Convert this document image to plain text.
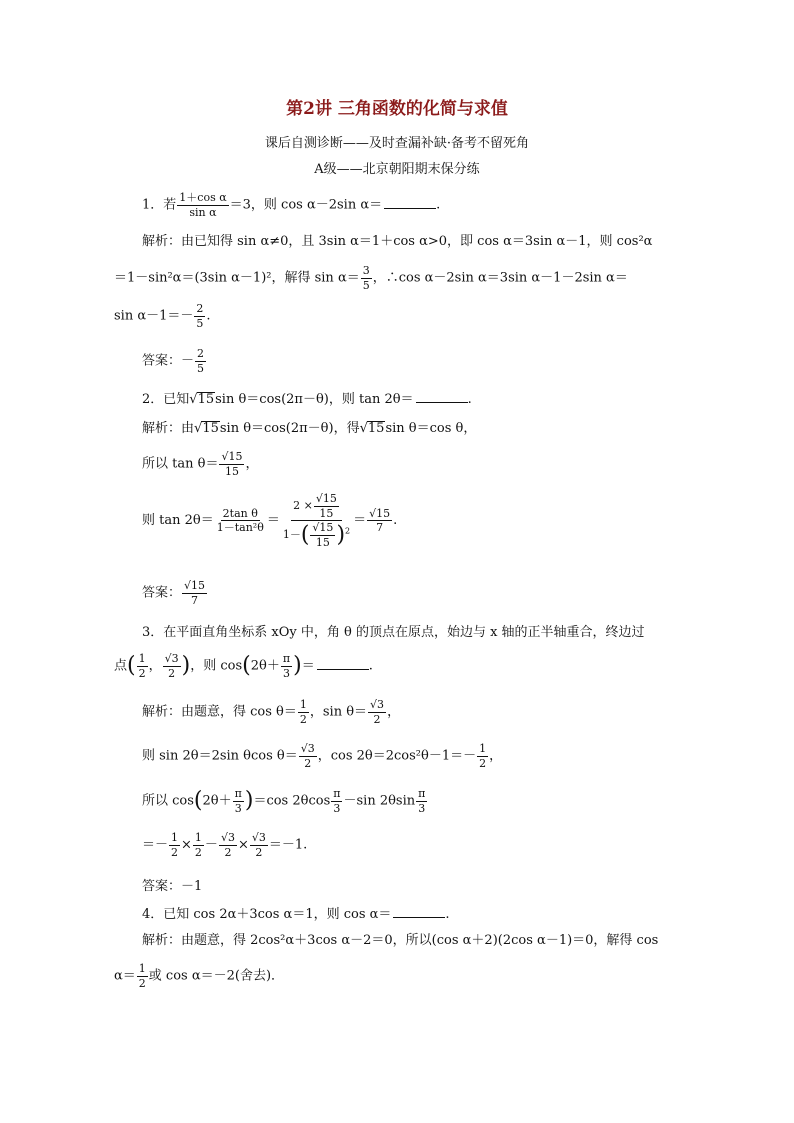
第2讲 三角函数的化简与求值
课后自测诊断——及时查漏补缺·备考不留死角
A级——北京朝阳期末保分练
1．若 $\frac{\text{1＋cos α}}{\text{sin α}} =3$，则 cos α－2sin α＝	.
解析：由已知得 sin α≠0，且 3sin α＝1＋cos α>0，即 cos α＝3sin α－1，则 cos²α
＝1－sin²α＝(3sin α－1)²，解得 $\sin \alpha= \frac{3}{5}$ ，∴cos α－2sin α＝3sin α－1－2sin α＝
$\sin \alpha-1=- \frac{2}{5}$ .
答案：－ $\frac{2}{5}$
2．已知√15sin θ＝cos(2π－θ)，则 tan 2θ＝	.
解析：由√15sin θ＝cos(2π－θ)，得√15sin θ＝cos θ，
所以 $\tan \theta= \frac{√15}{15}$ ，
则 $\tan 2\theta= \frac{\text{2tan θ}}{\text{1－tan²θ}} = \frac{2 \times \frac{√15}{15}}{1-( \frac{√15}{15} )^2} = \frac{√15}{7}$ .
答案： $\frac{√15}{7}$
3．在平面直角坐标系 xOy 中，角 θ 的顶点在原点，始边与 x 轴的正半轴重合，终边过
点( $\frac{1}{2}$ ， $\frac{√3}{2}$ )，则 $\cos(2\theta+ \frac{\pi}{3}$ )＝	.
解析：由题意，得 $\cos \theta= \frac{1}{2}$ ，$\sin \theta= \frac{√3}{2}$ ，
则 sin 2θ＝2sin θcos $\theta= \frac{√3}{2}$ ，$\cos 2\theta=2\cos^2\theta-1=- \frac{1}{2}$ ，
所以 $\cos(2\theta+ \frac{\pi}{3} )=\cos$ $2\theta\cos \frac{\pi}{3} -\sin$ $2\theta\sin \frac{\pi}{3}$
＝－ $\frac{1}{2} \times \frac{1}{2} - \frac{√3}{2} \times \frac{√3}{2} =-1$.
答案：－1
4．已知 cos 2α＋3cos α＝1，则 cos α＝	.
解析：由题意，得 2cos²α＋3cos α－2＝0，所以(cos α＋2)(2cos α－1)＝0，解得 cos
$\alpha= \frac{1}{2}$ 或 cos α＝－2(舍去)．
